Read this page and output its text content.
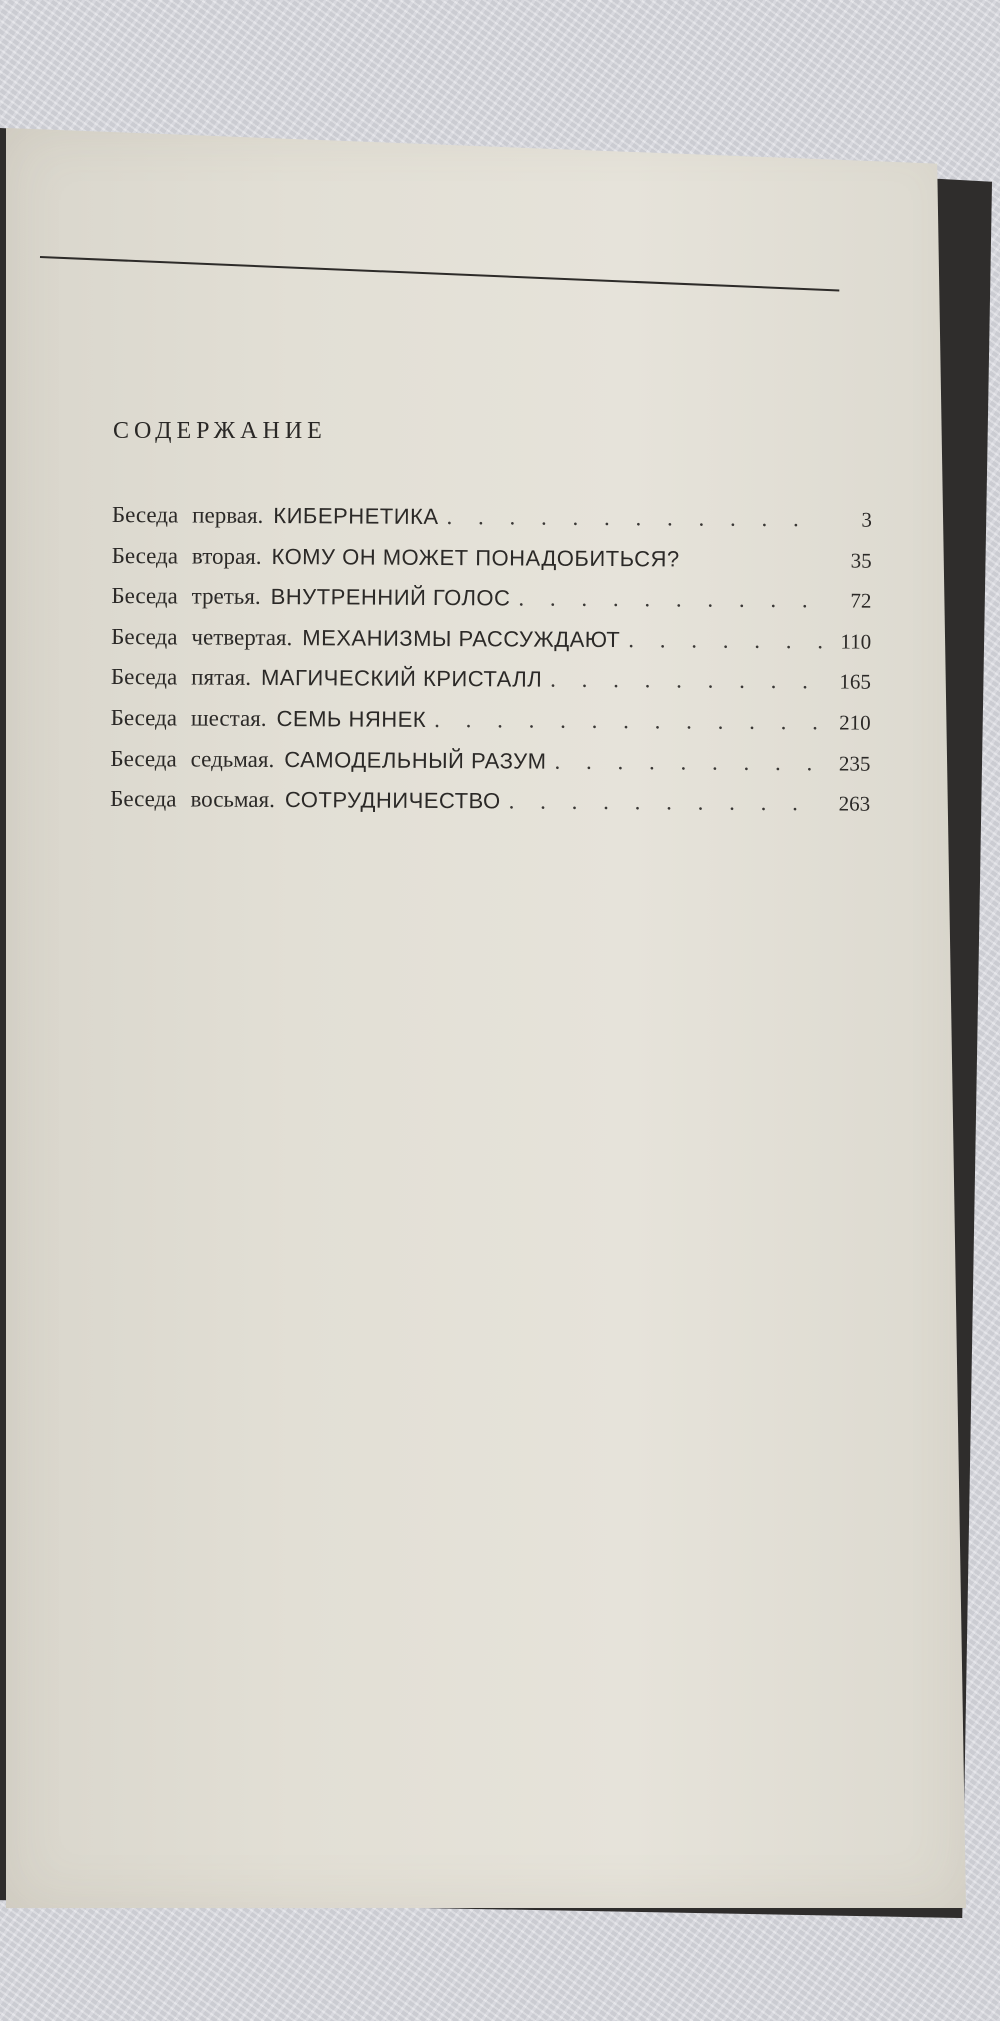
СОДЕРЖАНИЕ
Беседа первая. КИБЕРНЕТИКА . . .	3
Беседа вторая. КОМУ ОН МОЖЕТ ПОНАДОБИТЬСЯ?	35
Беседа третья. ВНУТРЕННИЙ ГОЛОС . . .	72
Беседа четвертая. МЕХАНИЗМЫ РАССУЖДАЮТ . . .	110
Беседа пятая. МАГИЧЕСКИЙ КРИСТАЛЛ . . .	165
Беседа шестая. СЕМЬ НЯНЕК . . .	210
Беседа седьмая. САМОДЕЛЬНЫЙ РАЗУМ . . .	235
Беседа восьмая. СОТРУДНИЧЕСТВО . . .	263
